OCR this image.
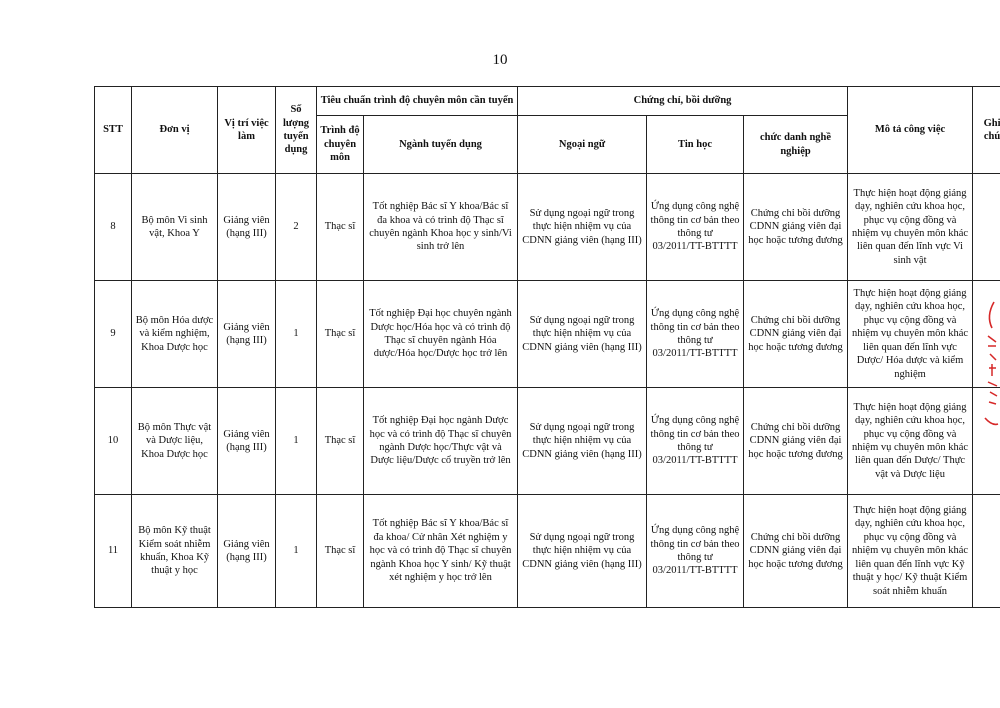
10
STT	Đơn vị	Vị trí việc làm	Số lượng tuyển dụng	Tiêu chuẩn trình độ chuyên môn cần tuyển		Chứng chỉ, bồi dưỡng			Mô tả công việc	Ghi chú
				Trình độ chuyên môn	Ngành tuyển dụng	Ngoại ngữ	Tin học	chức danh nghề nghiệp		
8	Bộ môn Vi sinh vật, Khoa Y	Giảng viên (hạng III)	2	Thạc sĩ	Tốt nghiệp Bác sĩ Y khoa/Bác sĩ đa khoa và có trình độ Thạc sĩ chuyên ngành Khoa học y sinh/Vi sinh trở lên	Sử dụng ngoại ngữ trong thực hiện nhiệm vụ của CDNN giảng viên (hạng III)	Ứng dụng công nghệ thông tin cơ bản theo thông tư 03/2011/TT-BTTTT	Chứng chỉ bồi dưỡng CDNN giảng viên đại học hoặc tương đương	Thực hiện hoạt động giảng dạy, nghiên cứu khoa học, phục vụ cộng đồng và nhiệm vụ chuyên môn khác liên quan đến lĩnh vực Vi sinh vật	
9	Bộ môn Hóa dược và kiểm nghiệm, Khoa Dược học	Giảng viên (hạng III)	1	Thạc sĩ	Tốt nghiệp Đại học chuyên ngành Dược học/Hóa học và có trình độ Thạc sĩ chuyên ngành Hóa dược/Hóa học/Dược học trở lên	Sử dụng ngoại ngữ trong thực hiện nhiệm vụ của CDNN giảng viên (hạng III)	Ứng dụng công nghệ thông tin cơ bản theo thông tư 03/2011/TT-BTTTT	Chứng chỉ bồi dưỡng CDNN giảng viên đại học hoặc tương đương	Thực hiện hoạt động giảng dạy, nghiên cứu khoa học, phục vụ cộng đồng và nhiệm vụ chuyên môn khác liên quan đến lĩnh vực Dược/ Hóa dược và kiểm nghiệm	
10	Bộ môn Thực vật và Dược liệu, Khoa Dược học	Giảng viên (hạng III)	1	Thạc sĩ	Tốt nghiệp Đại học ngành Dược học và có trình độ Thạc sĩ chuyên ngành Dược học/Thực vật và Dược liệu/Dược cổ truyền trở lên	Sử dụng ngoại ngữ trong thực hiện nhiệm vụ của CDNN giảng viên (hạng III)	Ứng dụng công nghệ thông tin cơ bản theo thông tư 03/2011/TT-BTTTT	Chứng chỉ bồi dưỡng CDNN giảng viên đại học hoặc tương đương	Thực hiện hoạt động giảng dạy, nghiên cứu khoa học, phục vụ cộng đồng và nhiệm vụ chuyên môn khác liên quan đến Dược/ Thực vật và Dược liệu	
11	Bộ môn Kỹ thuật Kiểm soát nhiễm khuẩn, Khoa Kỹ thuật y học	Giảng viên (hạng III)	1	Thạc sĩ	Tốt nghiệp Bác sĩ Y khoa/Bác sĩ đa khoa/ Cử nhân Xét nghiệm y học và có trình độ Thạc sĩ chuyên ngành Khoa học Y sinh/ Kỹ thuật xét nghiệm y học trở lên	Sử dụng ngoại ngữ trong thực hiện nhiệm vụ của CDNN giảng viên (hạng III)	Ứng dụng công nghệ thông tin cơ bản theo thông tư 03/2011/TT-BTTTT	Chứng chỉ bồi dưỡng CDNN giảng viên đại học hoặc tương đương	Thực hiện hoạt động giảng dạy, nghiên cứu khoa học, phục vụ cộng đồng và nhiệm vụ chuyên môn khác liên quan đến lĩnh vực Kỹ thuật y học/ Kỹ thuật Kiểm soát nhiễm khuẩn	
